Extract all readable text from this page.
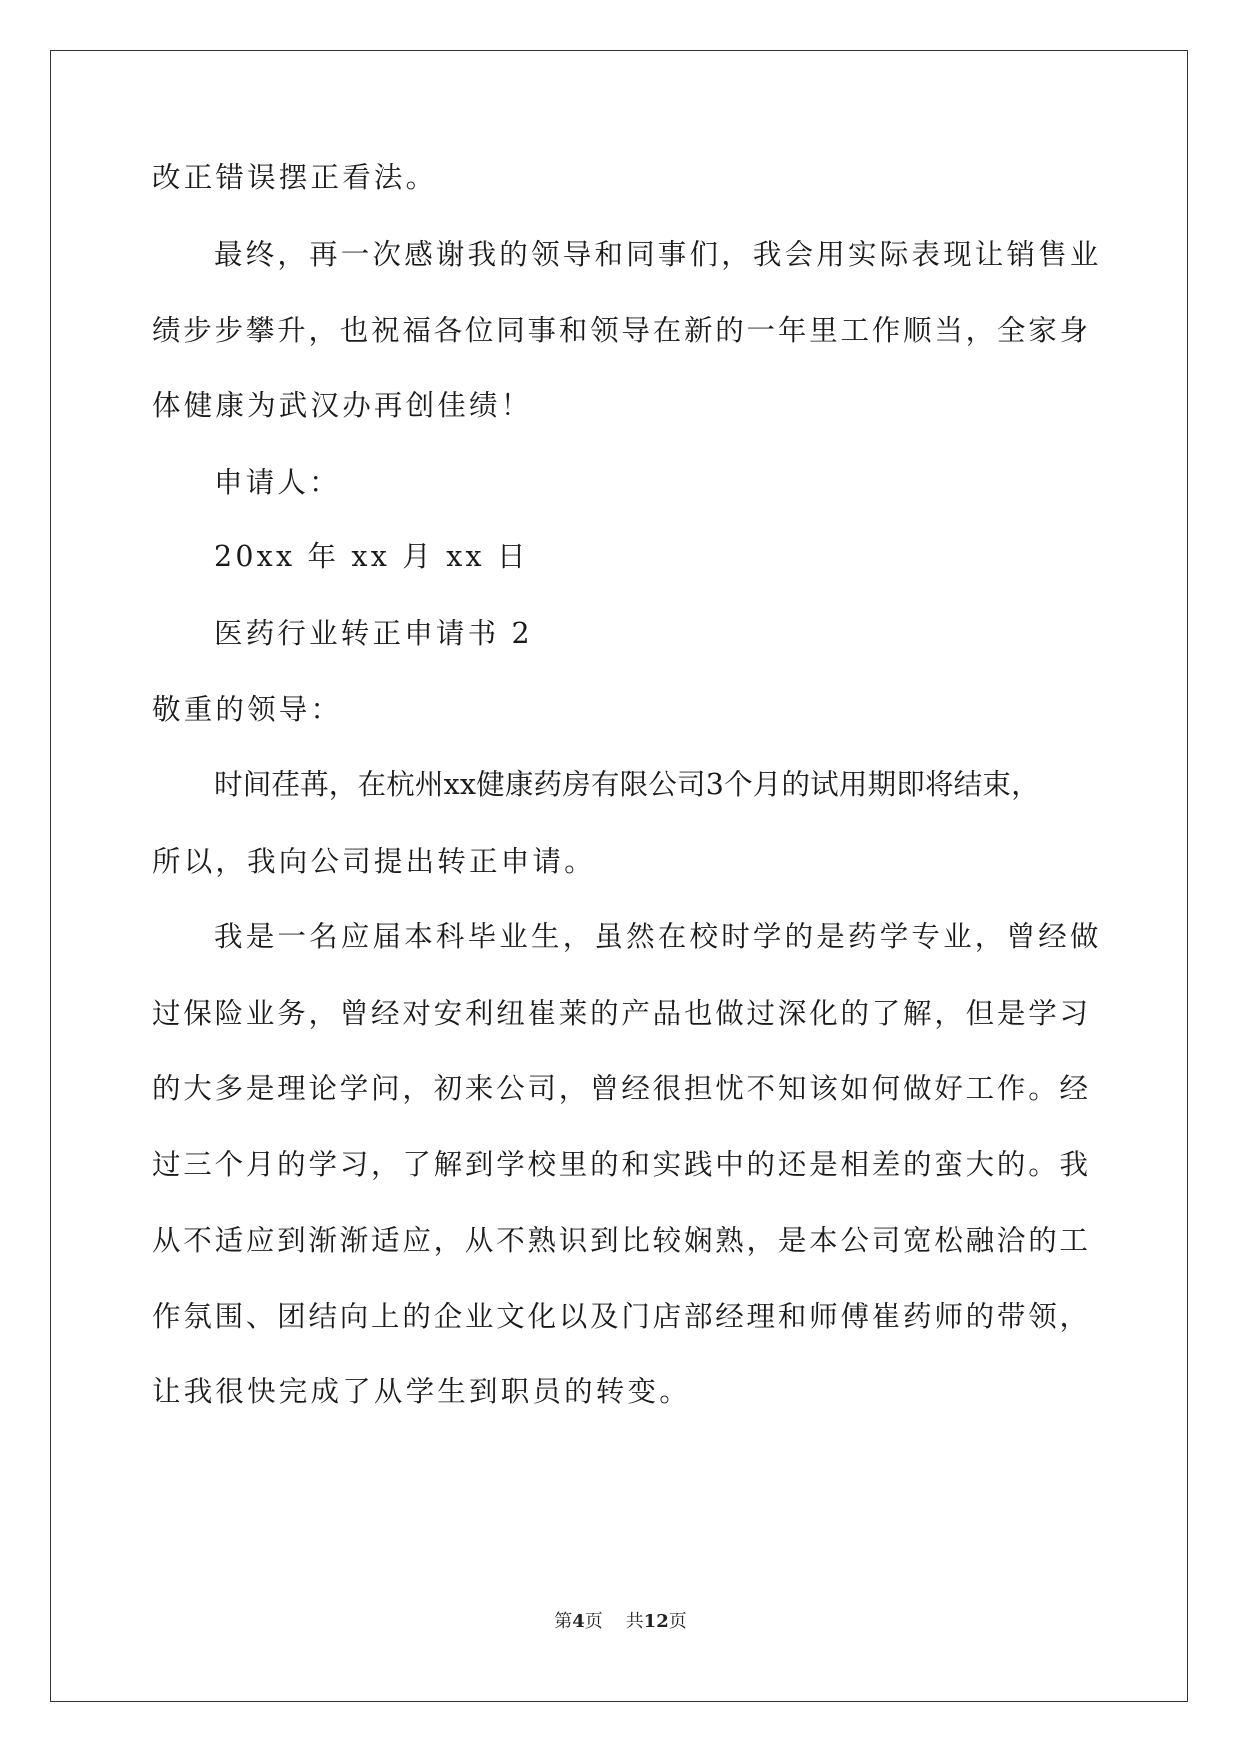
改正错误摆正看法。
最终，再一次感谢我的领导和同事们，我会用实际表现让销售业
绩步步攀升，也祝福各位同事和领导在新的一年里工作顺当，全家身
体健康为武汉办再创佳绩！
申请人：
20xx 年 xx 月 xx 日
医药行业转正申请书 2
敬重的领导：
时间荏苒，在杭州xx健康药房有限公司3个月的试用期即将结束，
所以，我向公司提出转正申请。
我是一名应届本科毕业生，虽然在校时学的是药学专业，曾经做
过保险业务，曾经对安利纽崔莱的产品也做过深化的了解，但是学习
的大多是理论学问，初来公司，曾经很担忧不知该如何做好工作。经
过三个月的学习，了解到学校里的和实践中的还是相差的蛮大的。我
从不适应到渐渐适应，从不熟识到比较娴熟，是本公司宽松融洽的工
作氛围、团结向上的企业文化以及门店部经理和师傅崔药师的带领，
让我很快完成了从学生到职员的转变。
第4页 共12页
